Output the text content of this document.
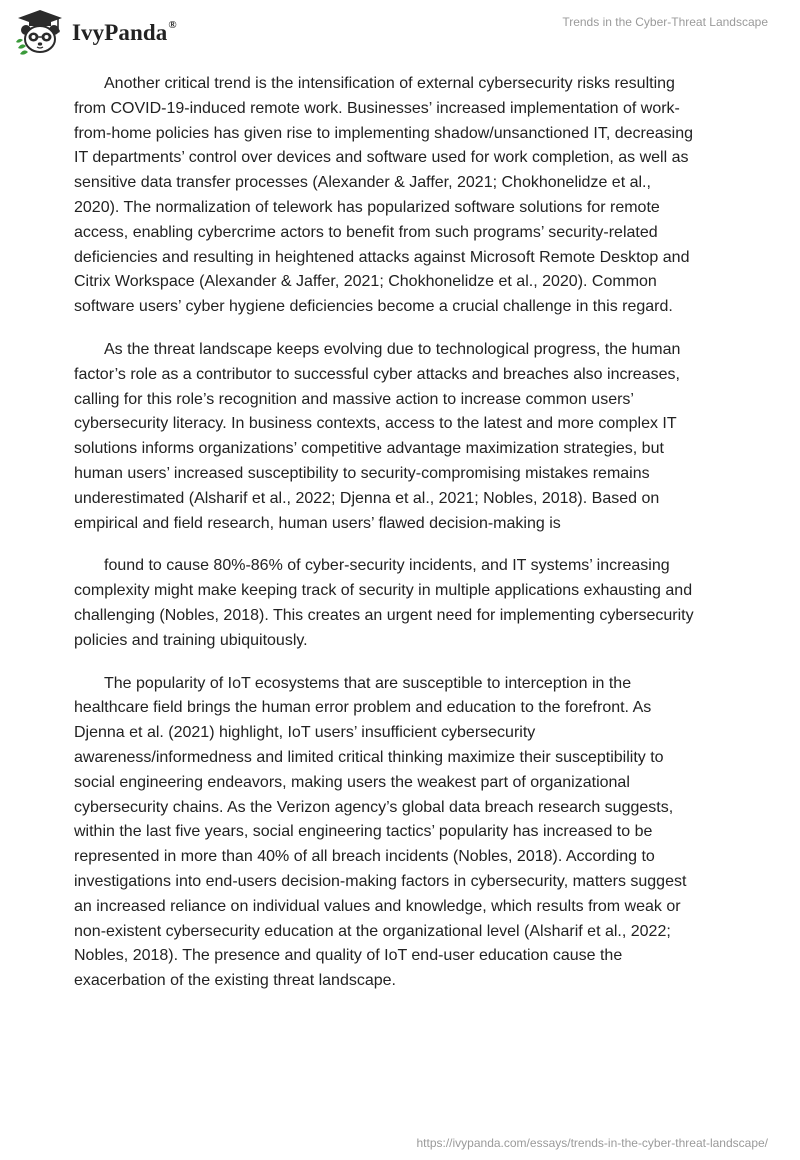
IvyPanda®	Trends in the Cyber-Threat Landscape

Another critical trend is the intensification of external cybersecurity risks resulting
from COVID-19-induced remote work. Businesses’ increased implementation of work-
from-home policies has given rise to implementing shadow/unsanctioned IT, decreasing
IT departments’ control over devices and software used for work completion, as well as
sensitive data transfer processes (Alexander & Jaffer, 2021; Chokhonelidze et al.,
2020). The normalization of telework has popularized software solutions for remote
access, enabling cybercrime actors to benefit from such programs’ security-related
deficiencies and resulting in heightened attacks against Microsoft Remote Desktop and
Citrix Workspace (Alexander & Jaffer, 2021; Chokhonelidze et al., 2020). Common
software users’ cyber hygiene deficiencies become a crucial challenge in this regard.

As the threat landscape keeps evolving due to technological progress, the human
factor’s role as a contributor to successful cyber attacks and breaches also increases,
calling for this role’s recognition and massive action to increase common users’
cybersecurity literacy. In business contexts, access to the latest and more complex IT
solutions informs organizations’ competitive advantage maximization strategies, but
human users’ increased susceptibility to security-compromising mistakes remains
underestimated (Alsharif et al., 2022; Djenna et al., 2021; Nobles, 2018). Based on
empirical and field research, human users’ flawed decision-making is

found to cause 80%-86% of cyber-security incidents, and IT systems’ increasing
complexity might make keeping track of security in multiple applications exhausting and
challenging (Nobles, 2018). This creates an urgent need for implementing cybersecurity
policies and training ubiquitously.

The popularity of IoT ecosystems that are susceptible to interception in the
healthcare field brings the human error problem and education to the forefront. As
Djenna et al. (2021) highlight, IoT users’ insufficient cybersecurity
awareness/informedness and limited critical thinking maximize their susceptibility to
social engineering endeavors, making users the weakest part of organizational
cybersecurity chains. As the Verizon agency’s global data breach research suggests,
within the last five years, social engineering tactics’ popularity has increased to be
represented in more than 40% of all breach incidents (Nobles, 2018). According to
investigations into end-users decision-making factors in cybersecurity, matters suggest
an increased reliance on individual values and knowledge, which results from weak or
non-existent cybersecurity education at the organizational level (Alsharif et al., 2022;
Nobles, 2018). The presence and quality of IoT end-user education cause the
exacerbation of the existing threat landscape.

https://ivypanda.com/essays/trends-in-the-cyber-threat-landscape/
